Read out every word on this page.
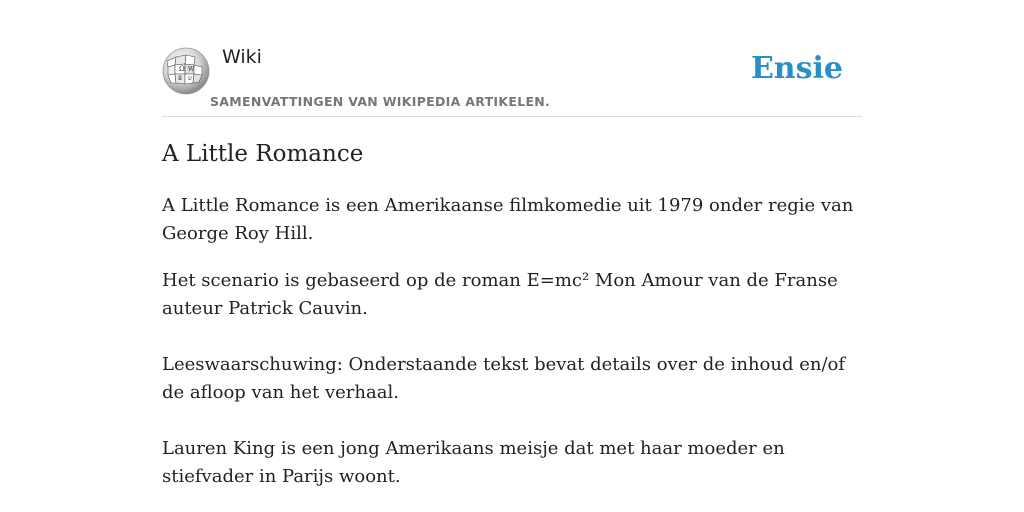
Ω W
й ש
Wiki
SAMENVATTINGEN VAN WIKIPEDIA ARTIKELEN.
Ensie
A Little Romance

A Little Romance is een Amerikaanse filmkomedie uit 1979 onder regie van George Roy Hill.

Het scenario is gebaseerd op de roman E=mc² Mon Amour van de Franse auteur Patrick Cauvin.

Leeswaarschuwing: Onderstaande tekst bevat details over de inhoud en/of de afloop van het verhaal.

Lauren King is een jong Amerikaans meisje dat met haar moeder en stiefvader in Parijs woont.
